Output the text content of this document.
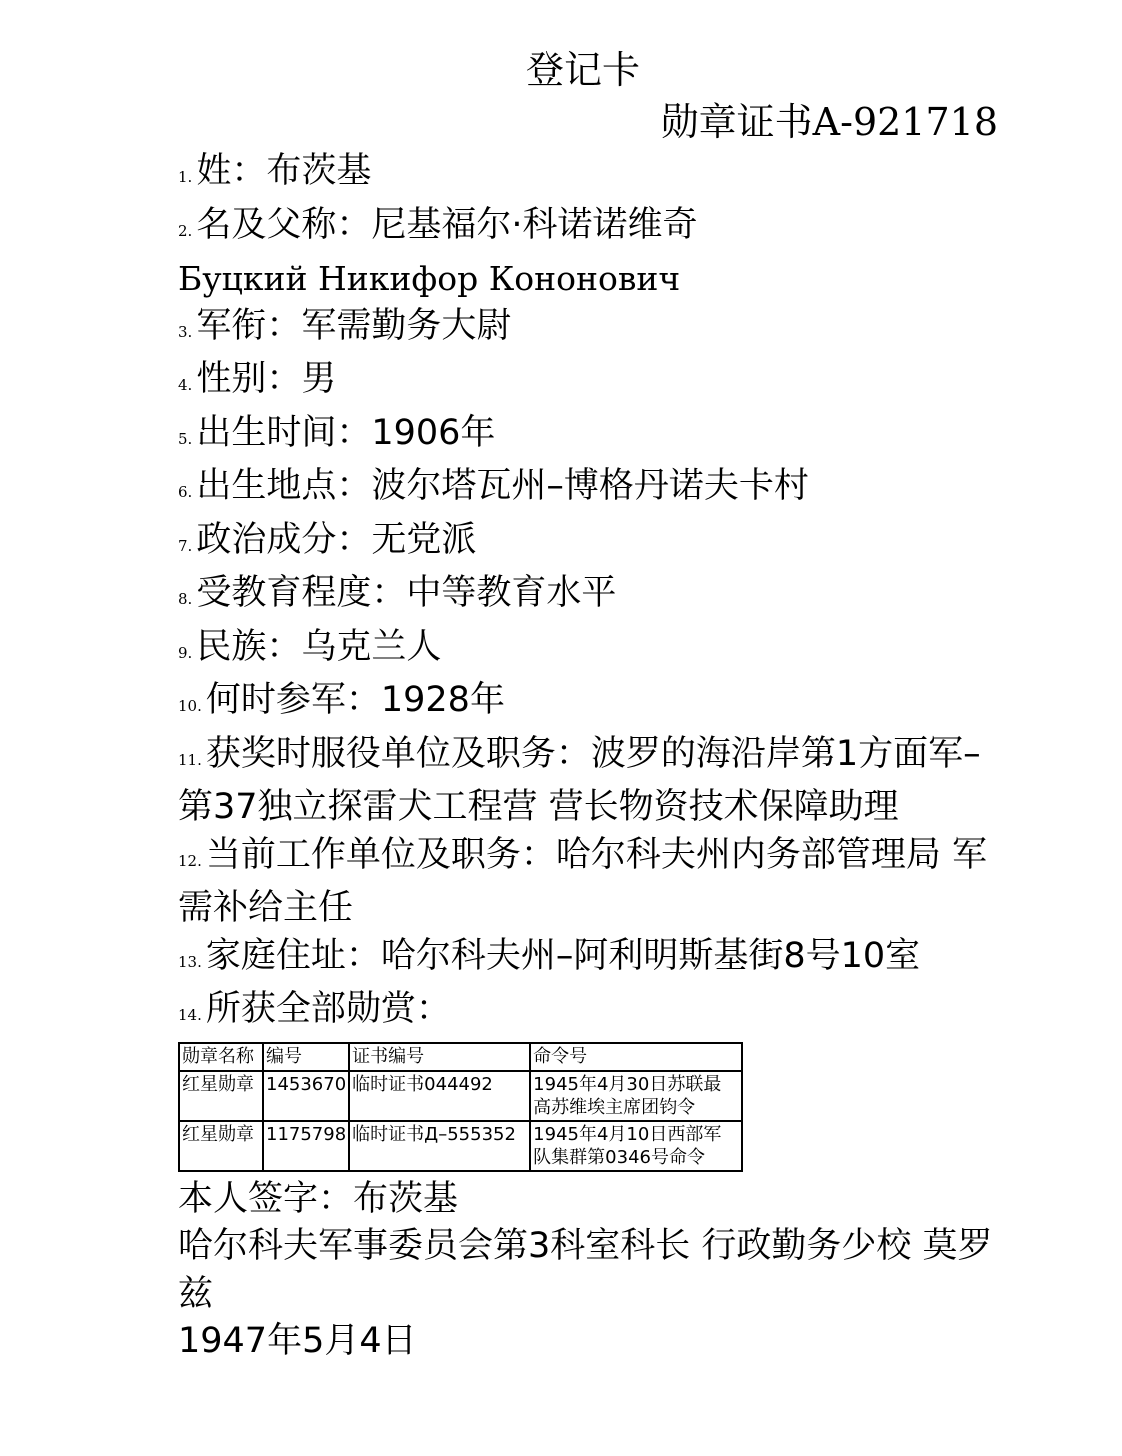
登记卡
勋章证书A-921718
1. 姓：布茨基
2. 名及父称：尼基福尔·科诺诺维奇
Буцкий Никифор Кононович
3. 军衔：军需勤务大尉
4. 性别：男
5. 出生时间：1906年
6. 出生地点：波尔塔瓦州–博格丹诺夫卡村
7. 政治成分：无党派
8. 受教育程度：中等教育水平
9. 民族：乌克兰人
10. 何时参军：1928年
11. 获奖时服役单位及职务：波罗的海沿岸第1方面军–第37独立探雷犬工程营 营长物资技术保障助理
12. 当前工作单位及职务：哈尔科夫州内务部管理局 军需补给主任
13. 家庭住址：哈尔科夫州–阿利明斯基街8号10室
14. 所获全部勋赏：
勋章名称	编号	证书编号	命令号
红星勋章	1453670	临时证书044492	1945年4月30日苏联最高苏维埃主席团钧令
红星勋章	1175798	临时证书Д–555352	1945年4月10日西部军队集群第0346号命令
本人签字：布茨基
哈尔科夫军事委员会第3科室科长 行政勤务少校 莫罗兹
1947年5月4日
